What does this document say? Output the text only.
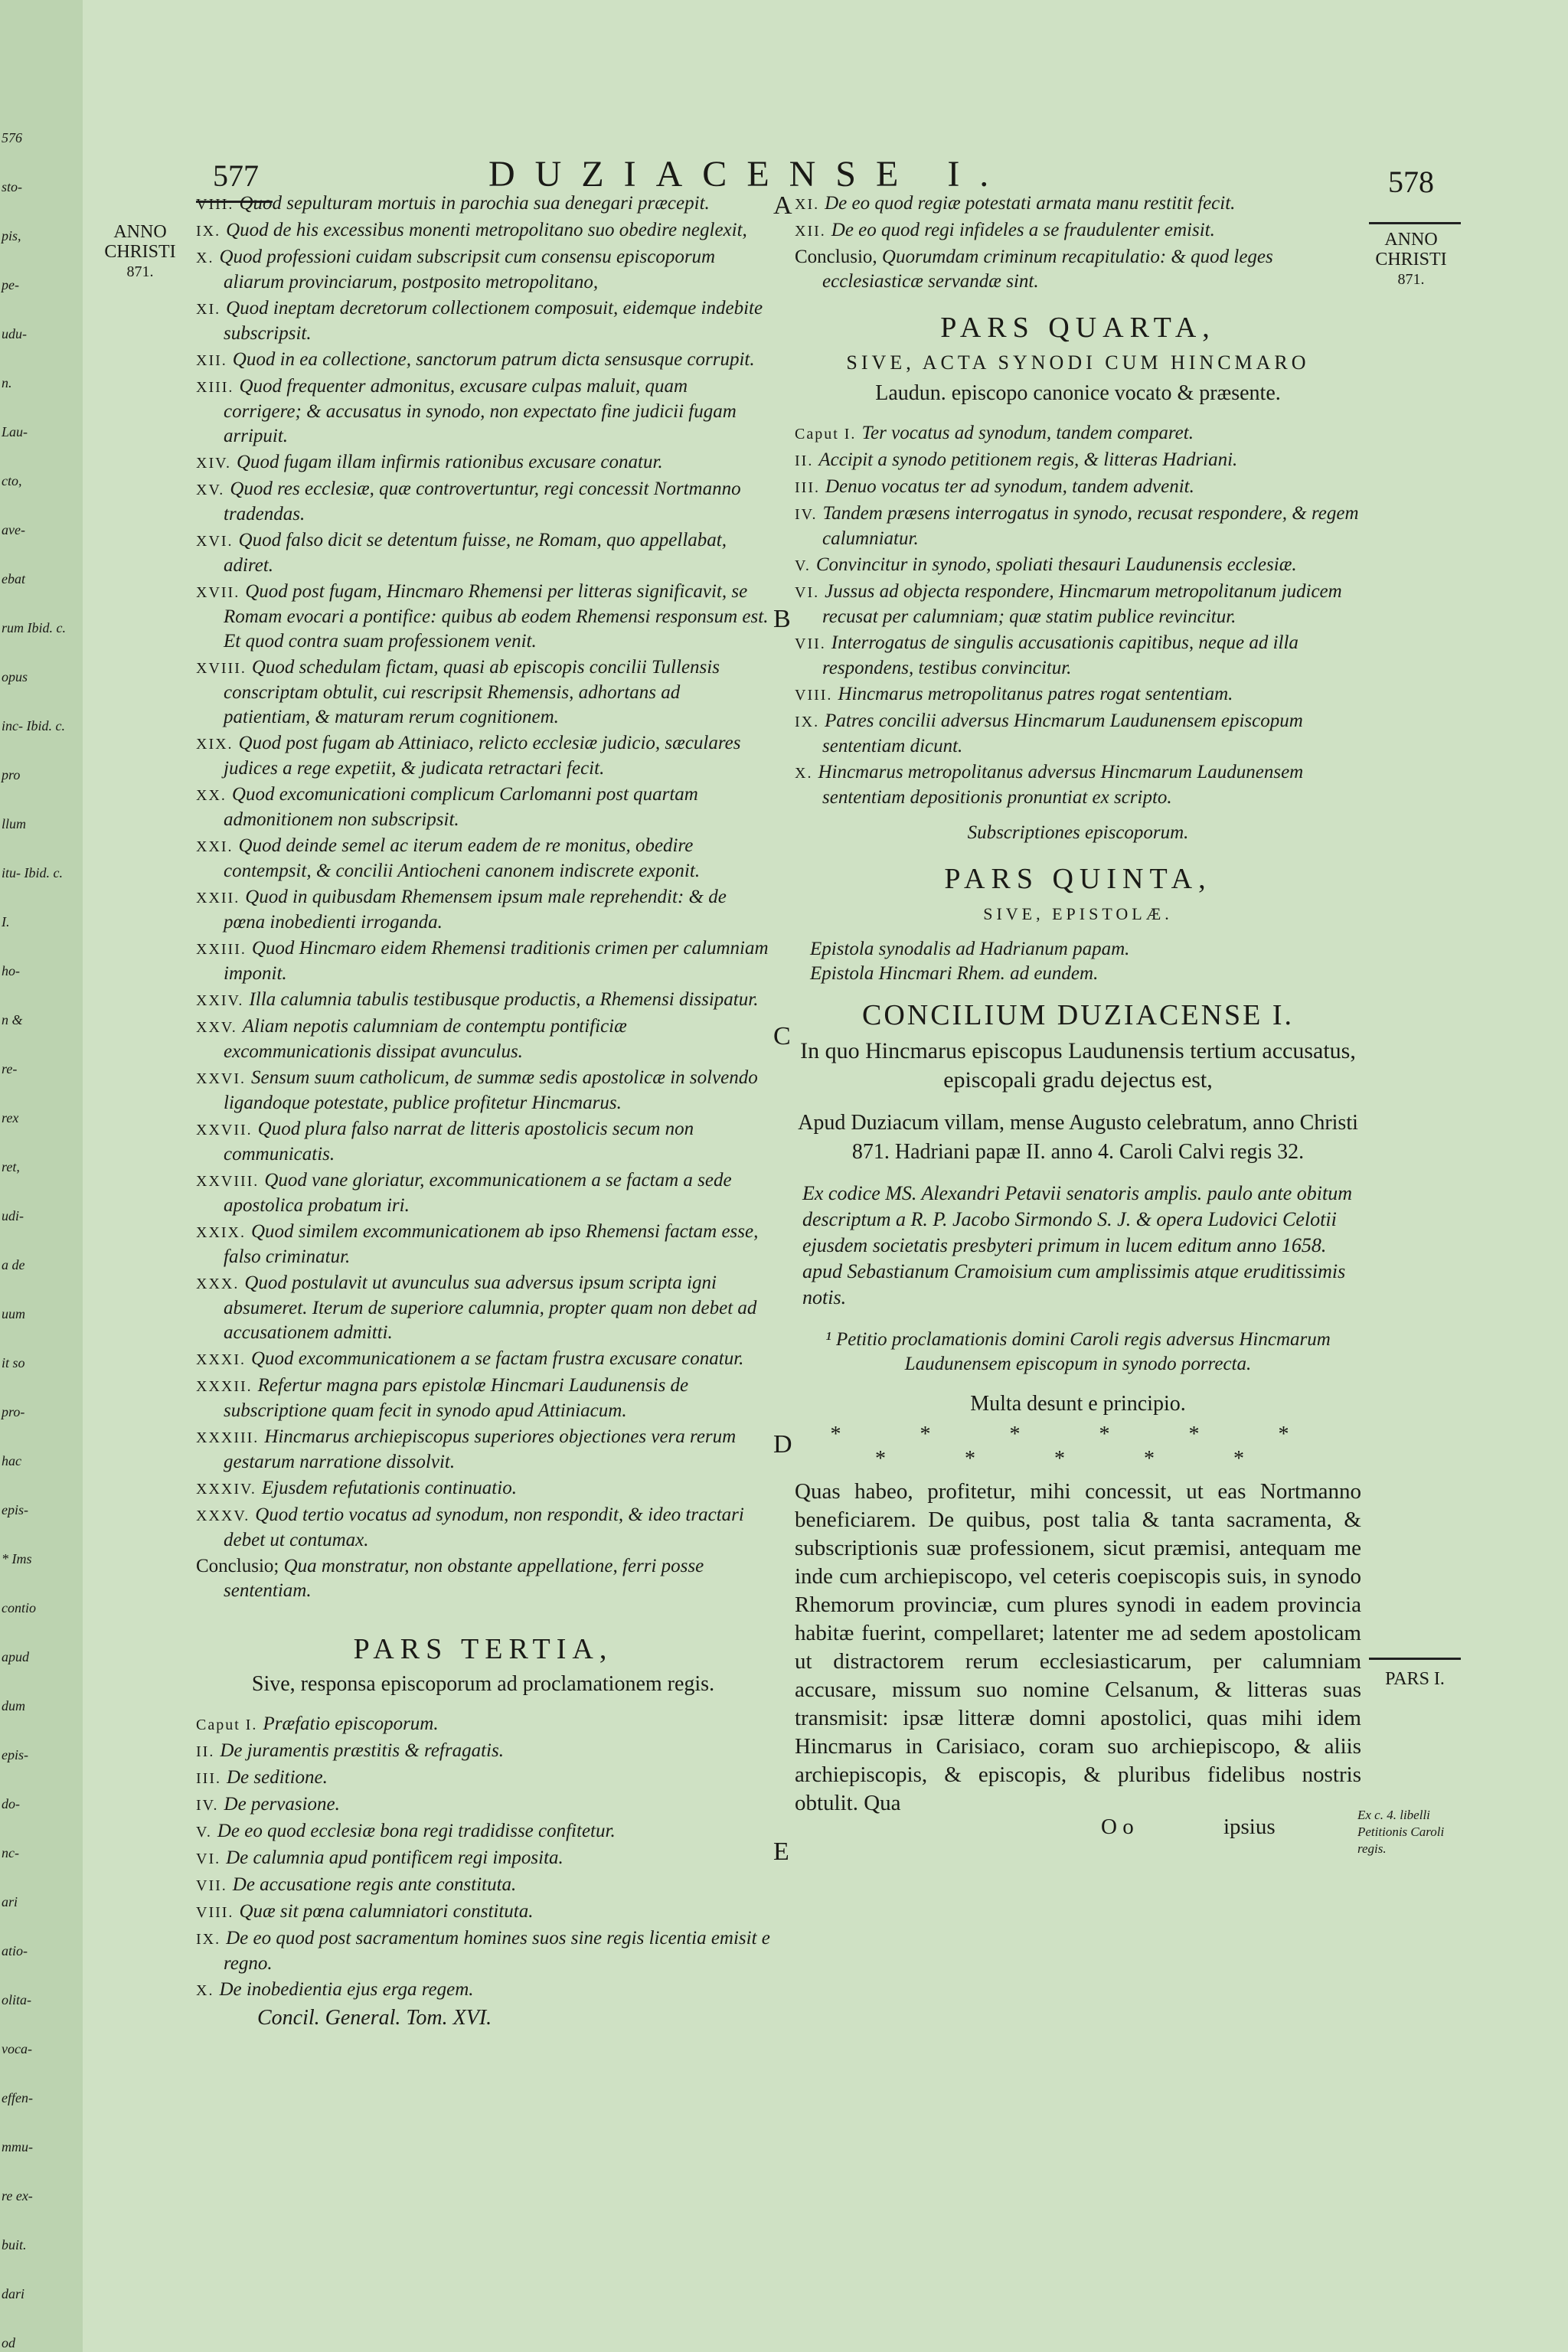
576
sto-
pis,
pe-
udu-
n.
Lau-
cto,
ave-
ebat
rum Ibid. c.
opus
inc- Ibid. c.
pro
llum
itu- Ibid. c.
I.
ho-
n &
re-
rex
ret,
udi-
a de
uum
it so
pro-
hac
epis-
* Ims
contio
apud
dum
epis-
do-
nc-
ari
atio-
olita-
voca-
effen-
mmu-
re ex-
buit.
dari
od
577	DUZIACENSE I.	578
ANNO
CHRISTI
871.
ANNO
CHRISTI
871.
PARS I.
Ex c. 4. libelli Petitionis Caroli regis.
A
B
C
D
E
VIII. Quod sepulturam mortuis in parochia sua denegari præcepit.
IX. Quod de his excessibus monenti metropolitano suo obedire neglexit,
X. Quod professioni cuidam subscripsit cum consensu episcoporum aliarum provinciarum, postposito metropolitano,
XI. Quod ineptam decretorum collectionem composuit, eidemque indebite subscripsit.
XII. Quod in ea collectione, sanctorum patrum dicta sensusque corrupit.
XIII. Quod frequenter admonitus, excusare culpas maluit, quam corrigere; & accusatus in synodo, non expectato fine judicii fugam arripuit.
XIV. Quod fugam illam infirmis rationibus excusare conatur.
XV. Quod res ecclesiæ, quæ controvertuntur, regi concessit Nortmanno tradendas.
XVI. Quod falso dicit se detentum fuisse, ne Romam, quo appellabat, adiret.
XVII. Quod post fugam, Hincmaro Rhemensi per litteras significavit, se Romam evocari a pontifice: quibus ab eodem Rhemensi responsum est. Et quod contra suam professionem venit.
XVIII. Quod schedulam fictam, quasi ab episcopis concilii Tullensis conscriptam obtulit, cui rescripsit Rhemensis, adhortans ad patientiam, & maturam rerum cognitionem.
XIX. Quod post fugam ab Attiniaco, relicto ecclesiæ judicio, sæculares judices a rege expetiit, & judicata retractari fecit.
XX. Quod excomunicationi complicum Carlomanni post quartam admonitionem non subscripsit.
XXI. Quod deinde semel ac iterum eadem de re monitus, obedire contempsit, & concilii Antiocheni canonem indiscrete exponit.
XXII. Quod in quibusdam Rhemensem ipsum male reprehendit: & de pœna inobedienti irroganda.
XXIII. Quod Hincmaro eidem Rhemensi traditionis crimen per calumniam imponit.
XXIV. Illa calumnia tabulis testibusque productis, a Rhemensi dissipatur.
XXV. Aliam nepotis calumniam de contemptu pontificiæ excommunicationis dissipat avunculus.
XXVI. Sensum suum catholicum, de summæ sedis apostolicæ in solvendo ligandoque potestate, publice profitetur Hincmarus.
XXVII. Quod plura falso narrat de litteris apostolicis secum non communicatis.
XXVIII. Quod vane gloriatur, excommunicationem a se factam a sede apostolica probatum iri.
XXIX. Quod similem excommunicationem ab ipso Rhemensi factam esse, falso criminatur.
XXX. Quod postulavit ut avunculus sua adversus ipsum scripta igni absumeret. Iterum de superiore calumnia, propter quam non debet ad accusationem admitti.
XXXI. Quod excommunicationem a se factam frustra excusare conatur.
XXXII. Refertur magna pars epistolæ Hincmari Laudunensis de subscriptione quam fecit in synodo apud Attiniacum.
XXXIII. Hincmarus archiepiscopus superiores objectiones vera rerum gestarum narratione dissolvit.
XXXIV. Ejusdem refutationis continuatio.
XXXV. Quod tertio vocatus ad synodum, non respondit, & ideo tractari debet ut contumax.
Conclusio; Qua monstratur, non obstante appellatione, ferri posse sententiam.
PARS TERTIA,
Sive, responsa episcoporum ad proclamationem regis.
Caput I. Præfatio episcoporum.
II. De juramentis præstitis & refragatis.
III. De seditione.
IV. De pervasione.
V. De eo quod ecclesiæ bona regi tradidisse confitetur.
VI. De calumnia apud pontificem regi imposita.
VII. De accusatione regis ante constituta.
VIII. Quæ sit pœna calumniatori constituta.
IX. De eo quod post sacramentum homines suos sine regis licentia emisit e regno.
X. De inobedientia ejus erga regem.
Concil. General. Tom. XVI.
XI. De eo quod regiæ potestati armata manu restitit fecit.
XII. De eo quod regi infideles a se fraudulenter emisit.
Conclusio, Quorumdam criminum recapitulatio: & quod leges ecclesiasticæ servandæ sint.
PARS QUARTA,
SIVE, ACTA SYNODI CUM HINCMARO
Laudun. episcopo canonice vocato & præsente.
Caput I. Ter vocatus ad synodum, tandem comparet.
II. Accipit a synodo petitionem regis, & litteras Hadriani.
III. Denuo vocatus ter ad synodum, tandem advenit.
IV. Tandem præsens interrogatus in synodo, recusat respondere, & regem calumniatur.
V. Convincitur in synodo, spoliati thesauri Laudunensis ecclesiæ.
VI. Jussus ad objecta respondere, Hincmarum metropolitanum judicem recusat per calumniam; quæ statim publice revincitur.
VII. Interrogatus de singulis accusationis capitibus, neque ad illa respondens, testibus convincitur.
VIII. Hincmarus metropolitanus patres rogat sententiam.
IX. Patres concilii adversus Hincmarum Laudunensem episcopum sententiam dicunt.
X. Hincmarus metropolitanus adversus Hincmarum Laudunensem sententiam depositionis pronuntiat ex scripto.
Subscriptiones episcoporum.
PARS QUINTA,
SIVE, EPISTOLÆ.
Epistola synodalis ad Hadrianum papam.
Epistola Hincmari Rhem. ad eundem.
CONCILIUM DUZIACENSE I.
In quo Hincmarus episcopus Laudunensis tertium accusatus, episcopali gradu dejectus est,
Apud Duziacum villam, mense Augusto celebratum, anno Christi 871. Hadriani papæ II. anno 4. Caroli Calvi regis 32.
Ex codice MS. Alexandri Petavii senatoris amplis. paulo ante obitum descriptum a R. P. Jacobo Sirmondo S. J. & opera Ludovici Celotii ejusdem societatis presbyteri primum in lucem editum anno 1658. apud Sebastianum Cramoisium cum amplissimis atque eruditissimis notis.
¹ Petitio proclamationis domini Caroli regis adversus Hincmarum Laudunensem episcopum in synodo porrecta.
Multa desunt e principio.
* * * * * * * * * * *
Quas habeo, profitetur, mihi concessit, ut eas Nortmanno beneficiarem. De quibus, post talia & tanta sacramenta, & subscriptionis suæ professionem, sicut præmisi, antequam me inde cum archiepiscopo, vel ceteris coepiscopis suis, in synodo Rhemorum provinciæ, cum plures synodi in eadem provincia habitæ fuerint, compellaret; latenter me ad sedem apostolicam ut distractorem rerum ecclesiasticarum, per calumniam accusare, missum suo nomine Celsanum, & litteras suas transmisit: ipsæ litteræ domni apostolici, quas mihi idem Hincmarus in Carisiaco, coram suo archiepiscopo, & aliis archiepiscopis, & episcopis, & pluribus fidelibus nostris obtulit. Qua
O o	ipsius
